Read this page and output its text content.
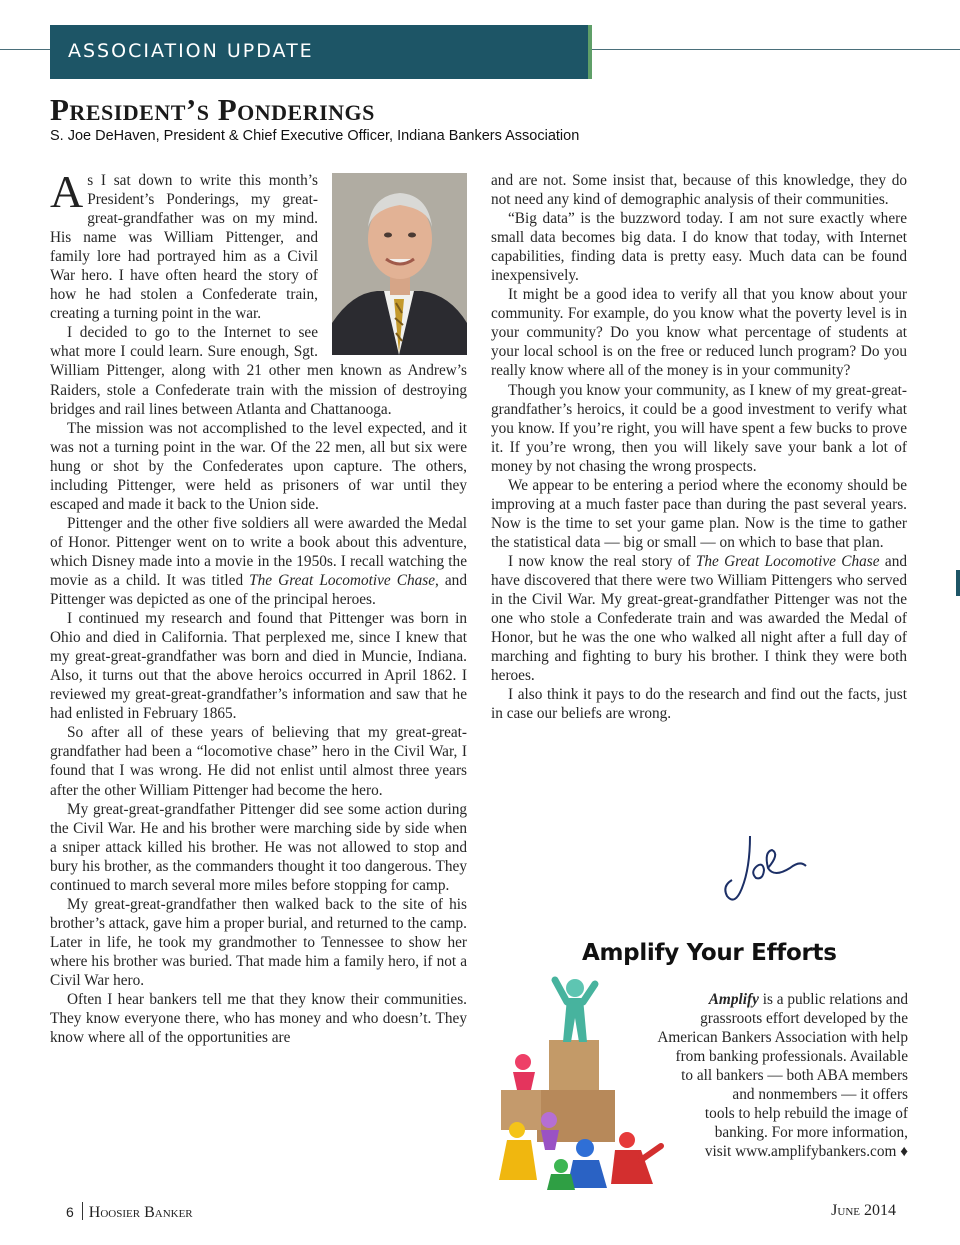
ASSOCIATION UPDATE
President’s Ponderings
S. Joe DeHaven, President & Chief Executive Officer, Indiana Bankers Association

As I sat down to write this month’s President’s Ponderings, my great-great-grandfather was on my mind. His name was William Pittenger, and family lore had portrayed him as a Civil War hero. I have often heard the story of how he had stolen a Confederate train, creating a turning point in the war.

I decided to go to the Internet to see what more I could learn. Sure enough, Sgt. William Pittenger, along with 21 other men known as Andrew’s Raiders, stole a Confederate train with the mission of destroying bridges and rail lines between Atlanta and Chattanooga.

The mission was not accomplished to the level expected, and it was not a turning point in the war. Of the 22 men, all but six were hung or shot by the Confederates upon capture. The others, including Pittenger, were held as prisoners of war until they escaped and made it back to the Union side.

Pittenger and the other five soldiers all were awarded the Medal of Honor. Pittenger went on to write a book about this adventure, which Disney made into a movie in the 1950s. I recall watching the movie as a child. It was titled The Great Locomotive Chase, and Pittenger was depicted as one of the principal heroes.

I continued my research and found that Pittenger was born in Ohio and died in California. That perplexed me, since I knew that my great-great-grandfather was born and died in Muncie, Indiana. Also, it turns out that the above heroics occurred in April 1862. I reviewed my great-great-grandfather’s information and saw that he had enlisted in February 1865.

So after all of these years of believing that my great-great-grandfather had been a “locomotive chase” hero in the Civil War, I found that I was wrong. He did not enlist until almost three years after the other William Pittenger had become the hero.

My great-great-grandfather Pittenger did see some action during the Civil War. He and his brother were marching side by side when a sniper attack killed his brother. He was not allowed to stop and bury his brother, as the commanders thought it too dangerous. They continued to march several more miles before stopping for camp.

My great-great-grandfather then walked back to the site of his brother’s attack, gave him a proper burial, and returned to the camp. Later in life, he took my grandmother to Tennessee to show her where his brother was buried. That made him a family hero, if not a Civil War hero.

Often I hear bankers tell me that they know their communities. They know everyone there, who has money and who doesn’t. They know where all of the opportunities are

and are not. Some insist that, because of this knowledge, they do not need any kind of demographic analysis of their communities.

“Big data” is the buzzword today. I am not sure exactly where small data becomes big data. I do know that today, with Internet capabilities, finding data is pretty easy. Much data can be found inexpensively.

It might be a good idea to verify all that you know about your community. For example, do you know what the poverty level is in your community? Do you know what percentage of students at your local school is on the free or reduced lunch program? Do you really know where all of the money is in your community?

Though you know your community, as I knew of my great-great-grandfather’s heroics, it could be a good investment to verify what you know. If you’re right, you will have spent a few bucks to prove it. If you’re wrong, then you will likely save your bank a lot of money by not chasing the wrong prospects.

We appear to be entering a period where the economy should be improving at a much faster pace than during the past several years. Now is the time to set your game plan. Now is the time to gather the statistical data — big or small — on which to base that plan.

I now know the real story of The Great Locomotive Chase and have discovered that there were two William Pittengers who served in the Civil War. My great-great-grandfather Pittenger was not the one who stole a Confederate train and was awarded the Medal of Honor, but he was the one who walked all night after a full day of marching and fighting to bury his brother. I think they were both heroes.

I also think it pays to do the research and find out the facts, just in case our beliefs are wrong.

Amplify Your Efforts
Amplify is a public relations and
grassroots effort developed by the
American Bankers Association with help
from banking professionals. Available
to all bankers — both ABA members
and nonmembers — it offers
tools to help rebuild the image of
banking. For more information,
visit www.amplifybankers.com ♦
6 Hoosier Banker	June 2014
